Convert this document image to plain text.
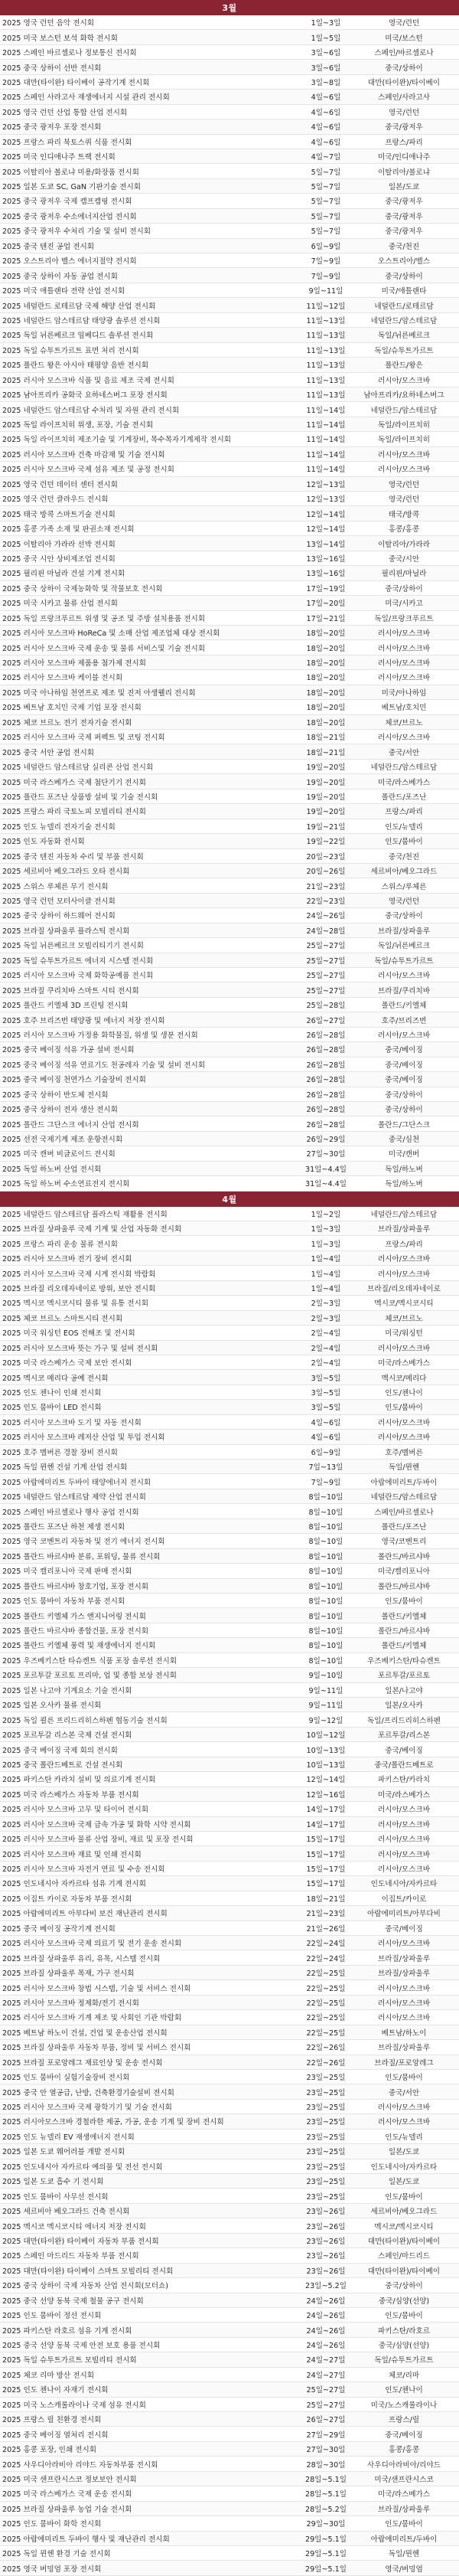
3월
2025 영국 런던 음악 전시회	1일~3일	영국/런던
2025 미국 보스턴 보석 화학 전시회	1일~5일	미국/보스턴
2025 스페인 바르셀로나 정보통신 전시회	3일~6일	스페인/바르셀로나
2025 중국 상하이 선반 전시회	3일~6일	중국/상하이
2025 대만(타이완) 타이베이 공작기계 전시회	3일~8일	대만(타이완)/타이베이
2025 스페인 사라고사 재생에너지 시설 관리 전시회	4일~6일	스페인/사라고사
2025 영국 런던 산업 통합 산업 전시회	4일~6일	영국/런던
2025 중국 광저우 포장 전시회	4일~6일	중국/광저우
2025 프랑스 파리 북토스쿼 식품 전시회	4일~6일	프랑스/파리
2025 미국 인디애나주 트랙 전시회	4일~7일	미국/인디애나주
2025 이탈리아 볼로냐 미용/화장품 전시회	5일~7일	이탈리아/볼로냐
2025 일본 도쿄 SC, GaN 기판기술 전시회	5일~7일	일본/도쿄
2025 중국 광저우 국제 캠프캠핑 전시회	5일~7일	중국/광저우
2025 중국 광저우 수소에너지산업 전시회	5일~7일	중국/광저우
2025 중국 광저우 수처리 기술 및 설비 전시회	5일~7일	중국/광저우
2025 중국 텐진 공업 전시회	6일~9일	중국/천진
2025 오스트리아 벨스 에너지절약 전시회	7일~9일	오스트리아/벨스
2025 중국 상하이 자동 공업 전시회	7일~9일	중국/상하이
2025 미국 애틀랜타 전략 산업 전시회	9일~11일	미국/애틀랜타
2025 네덜란드 로테르담 국제 해양 산업 전시회	11일~12일	네덜란드/로테르담
2025 네덜란드 암스테르담 태양광 솔루션 전시회	11일~13일	네덜란드/암스테르담
2025 독일 뉘른베르크 임베디드 솔루션 전시회	11일~13일	독일/뉘른베르크
2025 독일 슈투트가르트 표면 처리 전시회	11일~13일	독일/슈투트가르트
2025 폴란드 왕은 아시아 태평양 음반 전시회	11일~13일	폴란드/왕은
2025 러시아 모스크바 식품 및 음료 제조 국제 전시회	11일~13일	러시아/모스크바
2025 남아프리카 공화국 요하네스버그 포장 전시회	11일~13일	남아프리카/요하네스버그
2025 네덜란드 암스테르담 수처리 및 자원 관리 전시회	11일~14일	네덜란드/암스테르담
2025 독일 라이프치히 위생, 포장, 기술 전시회	11일~14일	독일/라이프치히
2025 독일 라이프치히 제조기술 및 기계장비, 목수목자기계제작 전시회	11일~14일	독일/라이프치히
2025 러시아 모스크바 건축 마감재 및 기술 전시회	11일~14일	러시아/모스크바
2025 러시아 모스크바 국제 섬유 제조 및 공정 전시회	11일~14일	러시아/모스크바
2025 영국 런던 데이터 센터 전시회	12일~13일	영국/런던
2025 영국 런던 클라우드 전시회	12일~13일	영국/런던
2025 태국 방콕 스마트기술 전시회	12일~14일	태국/방콕
2025 홍콩 가족 소재 및 판권소재 전시회	12일~14일	홍콩/홍콩
2025 이탈리아 가라라 선박 전시회	13일~14일	이탈리아/가라라
2025 중국 시안 상비제조업 전시회	13일~16일	중국/시안
2025 필리핀 마닐라 건설 기계 전시회	13일~16일	필리핀/마닐라
2025 중국 상하이 국제농화학 및 작물보호 전시회	17일~19일	중국/상하이
2025 미국 시카고 물류 산업 전시회	17일~20일	미국/시카고
2025 독일 프랑크푸르트 위생 및 공조 및 주방 설치용품 전시회	17일~21일	독일/프랑크푸르트
2025 러시아 모스크바 HoReCa 및 소매 산업 제조업체 대상 전시회	18일~20일	러시아/모스크바
2025 러시아 모스크바 국제 운송 및 물류 서비스및 기술 전시회	18일~20일	러시아/모스크바
2025 러시아 모스크바 제품용 첨가제 전시회	18일~20일	러시아/모스크바
2025 러시아 모스크바 케이블 전시회	18일~20일	러시아/모스크바
2025 미국 아나하임 천연프로 제조 및 진저 아생웰리 전시회	18일~20일	미국/아나하임
2025 베트남 호치민 국제 기업 포장 전시회	18일~20일	베트남/호치민
2025 체코 브르노 전기 전자기술 전시회	18일~20일	체코/브르노
2025 러시아 모스크바 국제 퍼펙트 및 코팅 전시회	18일~21일	러시아/모스크바
2025 중국 서안 공업 전시회	18일~21일	중국/서안
2025 네덜란드 암스테르담 실리콘 산업 전시회	19일~20일	네덜란드/암스테르담
2025 미국 라스베가스 국제 첨단기기 전시회	19일~20일	미국/라스베가스
2025 폴란드 포즈난 상품방 설비 및 기술 전시회	19일~20일	폴란드/포즈난
2025 프랑스 파리 국토노피 모빌리티 전시회	19일~20일	프랑스/파리
2025 인도 뉴델리 전자기술 전시회	19일~21일	인도/뉴델리
2025 인도 자동화 전시회	19일~22일	인도/뭄바이
2025 중국 텐진 자동차 수리 및 부품 전시회	20일~23일	중국/천진
2025 세르비아 베오그라드 오타 전시회	20일~26일	세르비아/베오그라드
2025 스위스 루체른 무기 전시회	21일~23일	스위스/루체른
2025 영국 런던 모터사이클 전시회	22일~23일	영국/런던
2025 중국 상하이 하드웨어 전시회	24일~26일	중국/상하이
2025 브라질 상파울루 플라스틱 전시회	24일~28일	브라질/상파울루
2025 독일 뉘른베르크 모빌리티기기 전시회	25일~27일	독일/뉘른베르크
2025 독일 슈투트가르트 에너지 시스템 전시회	25일~27일	독일/슈투트가르트
2025 러시아 모스크바 국제 화학공예품 전시회	25일~27일	러시아/모스크바
2025 브라질 쿠리치바 스마트 시티 전시회	25일~27일	브라질/쿠리치바
2025 폴란드 키엘체 3D 프린팅 전시회	25일~28일	폴란드/키엘체
2025 호주 브리즈번 태양광 및 에너지 저장 전시회	26일~27일	호주/브리즈번
2025 러시아 모스크바 가정용 화학물질, 위생 및 생분 전시회	26일~28일	러시아/모스크바
2025 중국 베이징 석유 가공 설비 전시회	26일~28일	중국/베이징
2025 중국 베이징 석유 연료기도 천공레자 기술 및 설비 전시회	26일~28일	중국/베이징
2025 중국 베이징 천연가스 기술장비 전시회	26일~28일	중국/베이징
2025 중국 상하이 반도체 전시회	26일~28일	중국/상하이
2025 중국 상하이 전자 생산 전시회	26일~28일	중국/상하이
2025 폴란드 그단스크 에너지 산업 전시회	26일~28일	폴란드/그단스크
2025 선전 국제기계 제조 운항전시회	26일~29일	중국/심천
2025 미국 캔버 비글로이드 전시회	27일~30일	미국/캔버
2025 독일 하노버 산업 전시회	31일~4.4일	독일/하노버
2025 독일 하노버 수소연료전지 전시회	31일~4.4일	독일/하노버
4월
2025 네덜란드 암스테르담 플라스틱 재활용 전시회	1일~2일	네덜란드/암스테르담
2025 브라질 상파울루 국제 기계 및 산업 자동화 전시회	1일~3일	브라질/상파울루
2025 프랑스 파리 운송 물류 전시회	1일~3일	프랑스/파리
2025 러시아 모스크바 전기 장비 전시회	1일~4일	러시아/모스크바
2025 러시아 모스크바 국제 시계 전시회 박람회	1일~4일	러시아/모스크바
2025 브라질 리오데자네이로 방위, 보안 전시회	1일~4일	브라질/리오데자네이로
2025 멕시코 멕시코시티 물류 및 유통 전시회	2일~3일	멕시코/멕시코시티
2025 체코 브르노 스마트시티 전시회	2일~3일	체코/브르노
2025 미국 워싱턴 EOS 전해조 및 전시회	2일~4일	미국/워싱턴
2025 러시아 모스크바 뜻는 가구 및 설비 전시회	2일~4일	러시아/모스크바
2025 미국 라스베가스 국제 보안 전시회	2일~4일	미국/라스베가스
2025 멕시코 메리다 공예 전시회	3일~5일	멕시코/메리다
2025 인도 첸나이 인쇄 전시회	3일~5일	인도/첸나이
2025 인도 뭄바이 LED 전시회	3일~5일	인도/뭄바이
2025 러시아 모스크바 도기 및 자동 전시회	4일~6일	러시아/모스크바
2025 러시아 모스크바 레저산 산업 및 투입 전시회	4일~6일	러시아/모스크바
2025 호주 멜버른 경찰 장비 전시회	6일~9일	호주/멜버른
2025 독일 뮌헨 건설 기계 산업 전시회	7일~13일	독일/뮌헨
2025 아랍에미리트 두바이 태양에너지 전시회	7일~9일	아랍에미리트/두바이
2025 네덜란드 암스테르담 제약 산업 전시회	8일~10일	네덜란드/암스테르담
2025 스페인 바르셀로나 행사 공업 전시회	8일~10일	스페인/바르셀로나
2025 폴란드 포즈난 하천 제생 전시회	8일~10일	폴란드/포즈난
2025 영국 코벤트리 자동차 및 전기 에너지 전시회	8일~10일	영국/코벤트리
2025 폴란드 바르샤바 분류, 포워딩, 물류 전시회	8일~10일	폴란드/바르샤바
2025 미국 캘리포니아 국제 판매 전시회	8일~10일	미국/캘리포니아
2025 폴란드 바르샤바 창호기업, 포장 전시회	8일~10일	폴란드/바르샤바
2025 인도 뭄바이 자동차 부품 전시회	8일~10일	인도/뭄바이
2025 폴란드 키엘체 가스 엔지니어링 전시회	8일~10일	폴란드/키엘체
2025 폴란드 바르샤바 종합건물, 포장 전시회	8일~10일	폴란드/바르샤바
2025 폴란드 키엘체 풍력 및 재생에너지 전시회	8일~10일	폴란드/키엘체
2025 우즈베키스탄 타슈켄트 식품 포장 솔루션 전시회	8일~10일	우즈베키스탄/타슈켄트
2025 포르투갈 포르토 프리마, 업 및 종합 보상 전시회	9일~10일	포르투갈/포르토
2025 일본 나고야 기계요소 기술 전시회	9일~11일	일본/나고야
2025 일본 오사카 물류 전시회	9일~11일	일본/오사카
2025 독일 쾰른 프리드리히스하펜 협동기술 전시회	9일~12일	독일/프리드리히스하펜
2025 포르투갈 리스본 국제 건설 전시회	10일~12일	포르투갈/리스본
2025 중국 베이징 국제 회의 전시회	10일~13일	중국/베이징
2025 중국 폴란드베트로 건설 전시회	10일~13일	중국/폴란드베트로
2025 파키스탄 카라치 설비 및 의료기계 전시회	12일~14일	파키스탄/카라치
2025 미국 라스베가스 자동차 부품 전시회	12일~16일	미국/라스베가스
2025 러시아 모스크바 고무 및 타이어 전시회	14일~17일	러시아/모스크바
2025 러시아 모스크바 국제 금속 가공 및 화학 시약 전시회	14일~17일	러시아/모스크바
2025 러시아 모스크바 물류 산업 장비, 재료 및 포장 전시회	15일~17일	러시아/모스크바
2025 러시아 모스크바 재료 및 인쇄 전시회	15일~17일	러시아/모스크바
2025 러시아 모스크바 자전거 연료 및 수송 전시회	15일~17일	러시아/모스크바
2025 인도네시아 자카르타 섬유 기계 전시회	15일~17일	인도네시아/자카르타
2025 이집트 카이로 자동차 부품 전시회	18일~21일	이집트/카이로
2025 아랍에미리트 아부다비 보건 재난관리 전시회	21일~23일	아랍에미리트/아부다비
2025 중국 베이징 공작기계 전시회	21일~26일	중국/베이징
2025 러시아 모스크바 국제 의료기 및 전기 운송 전시회	22일~24일	러시아/모스크바
2025 브라질 상파울루 유리, 유목, 시스템 전시회	22일~24일	브라질/상파울루
2025 브라질 상파울루 목재, 가구 전시회	22일~25일	브라질/상파울루
2025 러시아 모스크바 창법 시스템, 기술 및 서비스 전시회	22일~25일	러시아/모스크바
2025 러시아 모스크바 정제화/전기 전시회	22일~25일	러시아/모스크바
2025 러시아 모스크바 기계 제조 및 사회인 기관 박람회	22일~25일	러시아/모스크바
2025 베트남 하노이 건설, 건업 및 운송산업 전시회	22일~25일	베트남/하노이
2025 브라질 상파울루 자동차 부품, 정비 및 서비스 전시회	22일~26일	브라질/상파울루
2025 브라질 포로앙레그 재료인상 및 운송 전시회	22일~26일	브라질/포로앙레그
2025 인도 뭄바이 실험기술장비 전시회	23일~25일	인도/뭄바이
2025 중국 안 열공급, 난방, 건축환경기술설비 전시회	23일~25일	중국/서안
2025 러시아 모스크바 국제 광학기기 및 기술 전시회	23일~25일	러시아/모스크바
2025 러시아모스크바 경철라한 제공, 가공, 운송 기계 및 장비 전시회	23일~25일	러시아/모스크바
2025 인도 뉴델리 EV 재생에너지 전시회	23일~25일	인도/뉴델리
2025 일본 도쿄 웨어러블 개발 전시회	23일~25일	일본/도쿄
2025 인도네시아 자카르타 예의물 및 전선 전시회	23일~25일	인도네시아/자카르타
2025 일본 도쿄 흡수 기 전시회	23일~25일	일본/도쿄
2025 인도 뭄바이 사무선 전시회	23일~25일	인도/뭄바이
2025 세르비아 베오그라드 건축 전시회	23일~26일	세르비아/베오그라드
2025 멕시코 멕시코시티 에너지 저장 전시회	23일~26일	멕시코/멕시코시티
2025 대만(타이완) 타이베이 자동차 부품 전시회	23일~26일	대만(타이완)/타이베이
2025 스페인 마드리드 자동차 부품 전시회	23일~26일	스페인/마드리드
2025 대만(타이완) 타이베이 스마트 모빌리티 전시회	23일~26일	대만(타이완)/타이베이
2025 중국 상하이 국제 자동차 산업 전시회(모터쇼)	23일~5.2일	중국/상하이
2025 중국 선양 동북 국제 철물 공구 전시회	24일~26일	중국/심양(선양)
2025 인도 뭄바이 정선 전시회	24일~26일	인도/뭄바이
2025 파키스탄 라호르 섬유 기계 전시회	24일~26일	파키스탄/라호르
2025 중국 선양 동북 국제 안전 보호 용품 전시회	24일~26일	중국/심양(선양)
2025 독일 슈투트가르트 모빌리티 전시회	24일~27일	독일/슈투트가르트
2025 체코 리마 방산 전시회	24일~27일	체코/리마
2025 인도 첸나이 자재기 전시회	25일~27일	인도/첸나이
2025 미국 노스캐롤라이나 국제 섬유 전시회	25일~27일	미국/노스캐롤라이나
2025 프랑스 릴 친환경 전시회	26일~27일	프랑스/릴
2025 중국 베이징 열처리 전시회	27일~29일	중국/베이징
2025 홍콩 포장, 인쇄 전시회	27일~30일	홍콩/홍콩
2025 사우디아라비아 리야드 자동차부품 전시회	28일~30일	사우디아라비아/리야드
2025 미국 샌프란시스코 정보보안 전시회	28일~5.1일	미국/샌프란시스코
2025 미국 라스베가스 국제 운송 전시회	28일~5.1일	미국/라스베가스
2025 브라질 상파울루 농업 기술 전시회	28일~5.2일	브라질/상파울루
2025 인도 뭄바이 화학 전시회	29일~30일	인도/뭄바이
2025 아랍에미리트 두바이 행사 및 재난관리 전시회	29일~5.1일	아랍에미리트/두바이
2025 독일 뮌헨 환경 기술 전시회	29일~5.1일	독일/뮌헨
2025 영국 버밍엄 포장 전시회	29일~5.1일	영국/버밍엄
